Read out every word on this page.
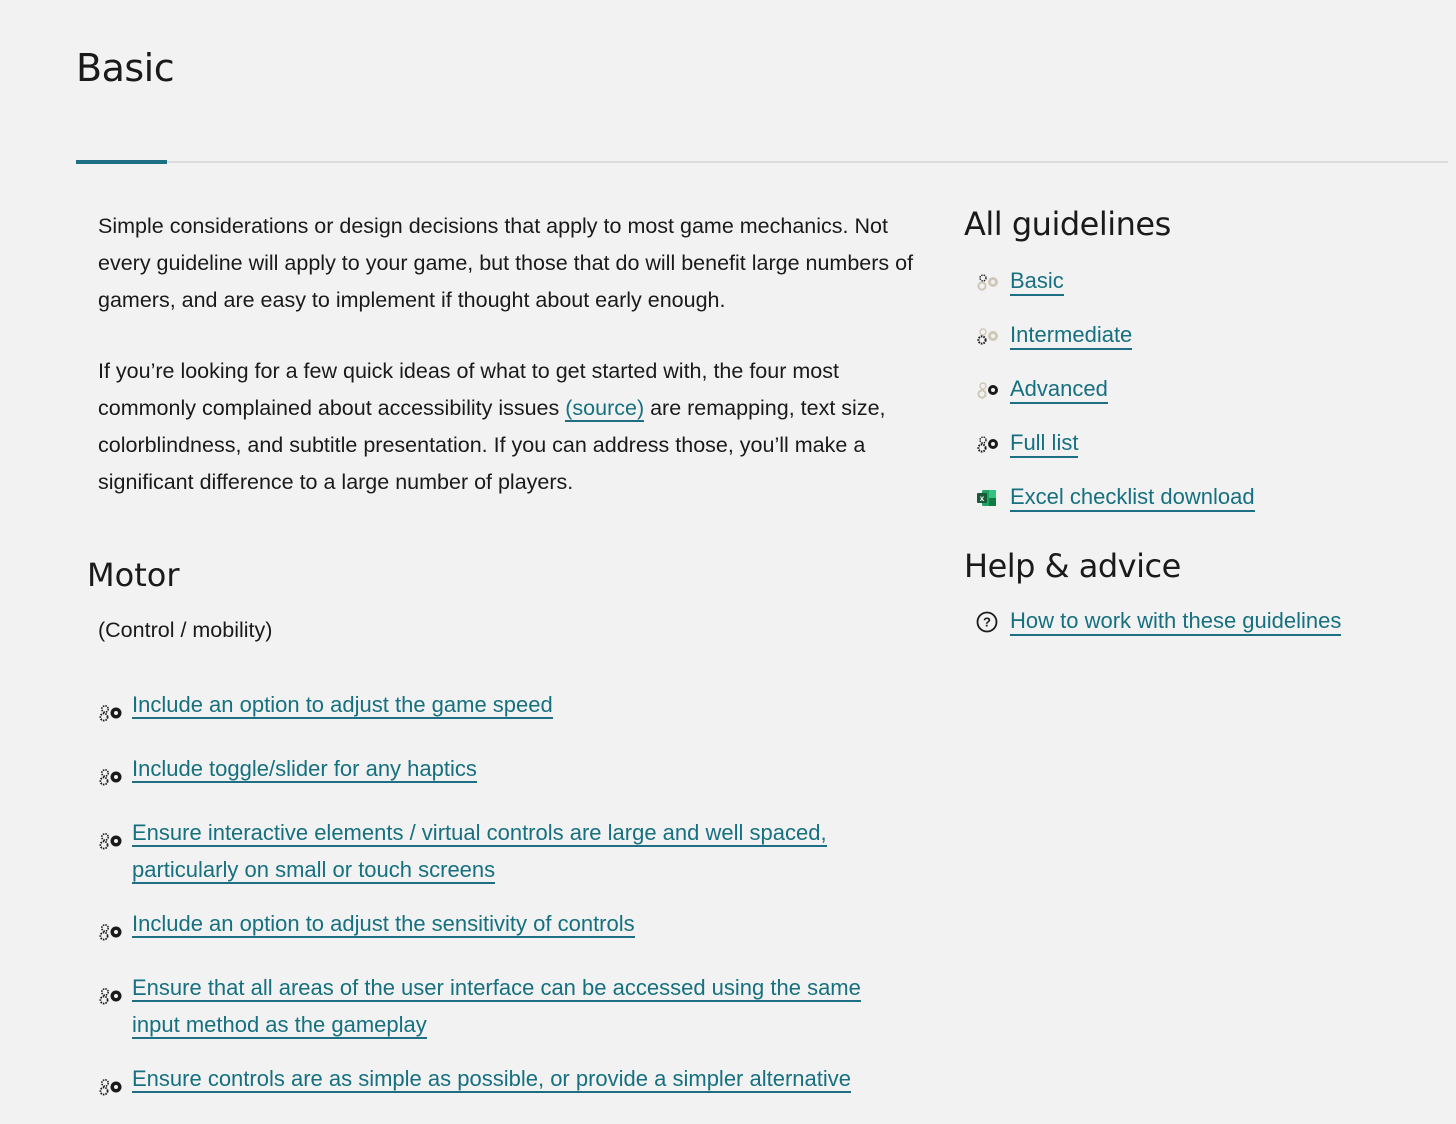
Basic

Simple considerations or design decisions that apply to most game mechanics. Not every guideline will apply to your game, but those that do will benefit large numbers of gamers, and are easy to implement if thought about early enough.

If you’re looking for a few quick ideas of what to get started with, the four most commonly complained about accessibility issues (source) are remapping, text size, colorblindness, and subtitle presentation. If you can address those, you’ll make a significant difference to a large number of players.

Motor

(Control / mobility)

Include an option to adjust the game speed
Include toggle/slider for any haptics
Ensure interactive elements / virtual controls are large and well spaced, particularly on small or touch screens
Include an option to adjust the sensitivity of controls
Ensure that all areas of the user interface can be accessed using the same input method as the gameplay
Ensure controls are as simple as possible, or provide a simpler alternative
All guidelines
Basic
Intermediate
Advanced
Full list
x Excel checklist download
Help & advice
? How to work with these guidelines
